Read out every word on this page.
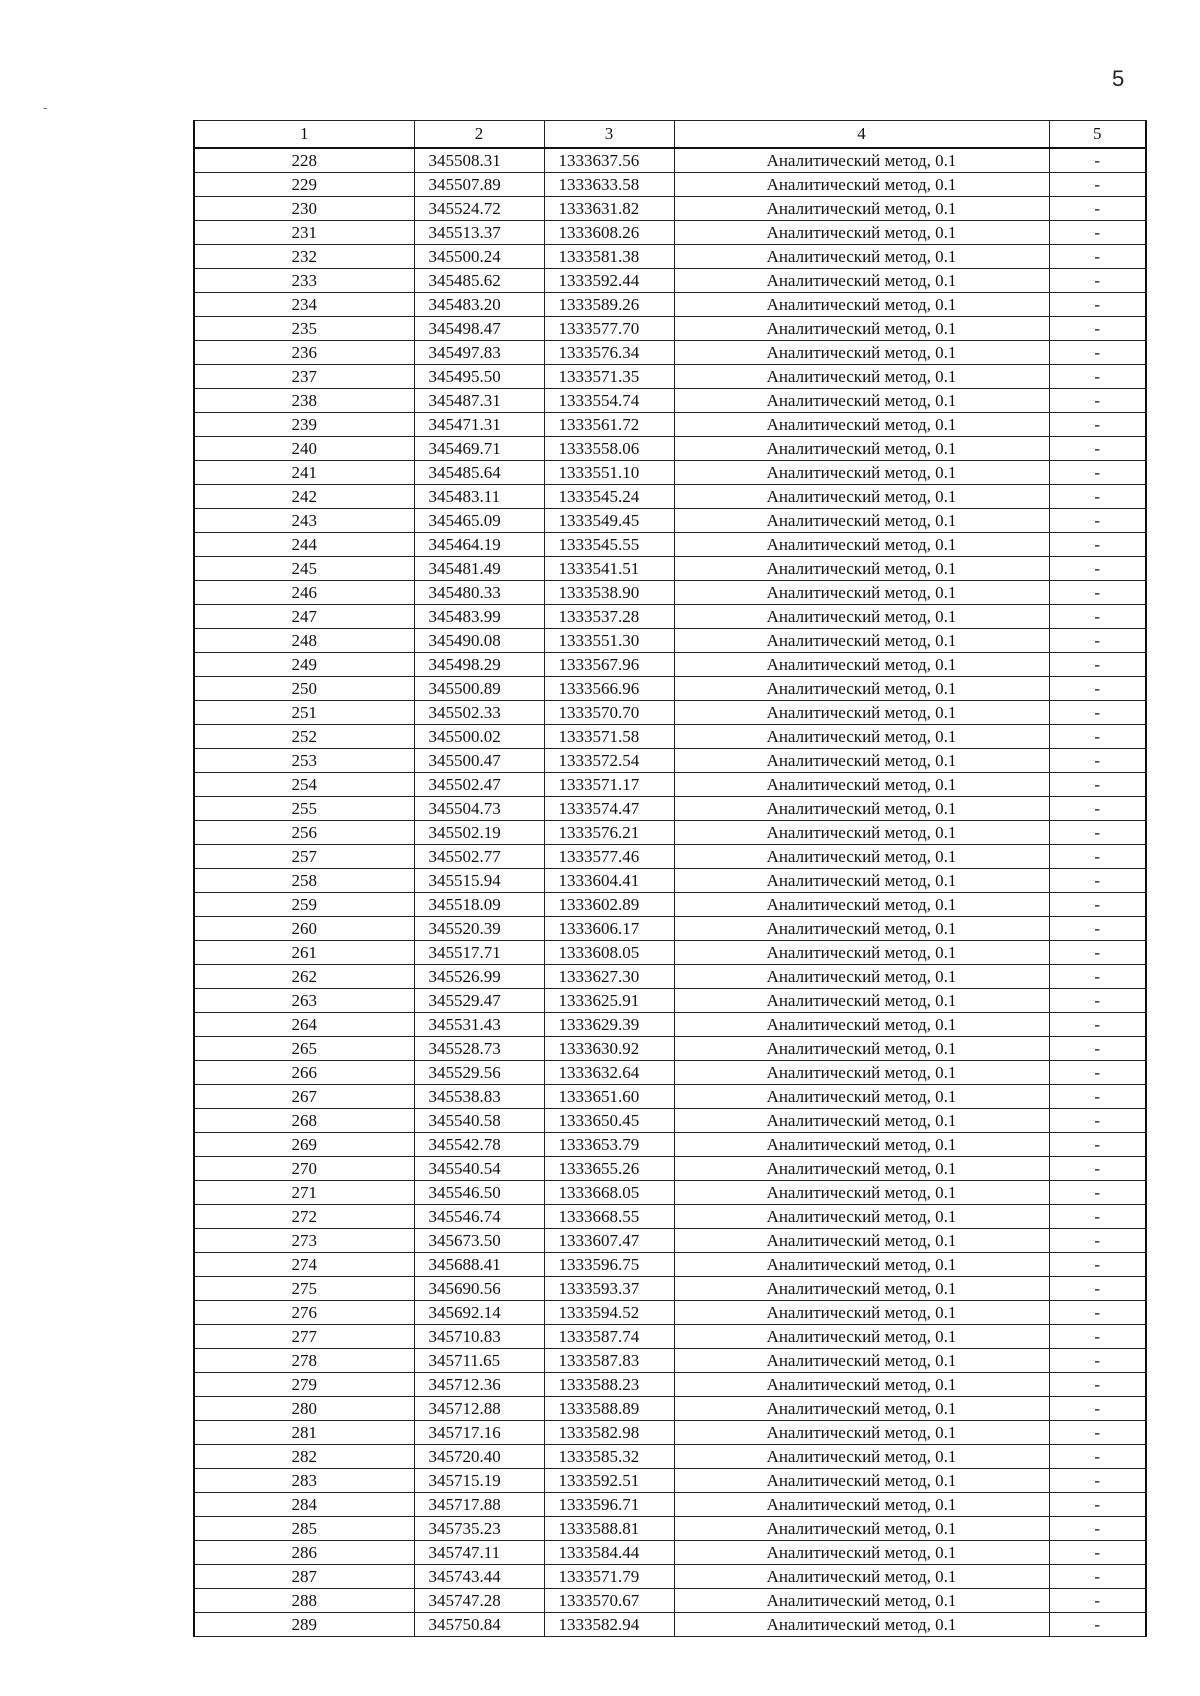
5
1	2	3	4	5
228	345508.31	1333637.56	Аналитический метод, 0.1	-
229	345507.89	1333633.58	Аналитический метод, 0.1	-
230	345524.72	1333631.82	Аналитический метод, 0.1	-
231	345513.37	1333608.26	Аналитический метод, 0.1	-
232	345500.24	1333581.38	Аналитический метод, 0.1	-
233	345485.62	1333592.44	Аналитический метод, 0.1	-
234	345483.20	1333589.26	Аналитический метод, 0.1	-
235	345498.47	1333577.70	Аналитический метод, 0.1	-
236	345497.83	1333576.34	Аналитический метод, 0.1	-
237	345495.50	1333571.35	Аналитический метод, 0.1	-
238	345487.31	1333554.74	Аналитический метод, 0.1	-
239	345471.31	1333561.72	Аналитический метод, 0.1	-
240	345469.71	1333558.06	Аналитический метод, 0.1	-
241	345485.64	1333551.10	Аналитический метод, 0.1	-
242	345483.11	1333545.24	Аналитический метод, 0.1	-
243	345465.09	1333549.45	Аналитический метод, 0.1	-
244	345464.19	1333545.55	Аналитический метод, 0.1	-
245	345481.49	1333541.51	Аналитический метод, 0.1	-
246	345480.33	1333538.90	Аналитический метод, 0.1	-
247	345483.99	1333537.28	Аналитический метод, 0.1	-
248	345490.08	1333551.30	Аналитический метод, 0.1	-
249	345498.29	1333567.96	Аналитический метод, 0.1	-
250	345500.89	1333566.96	Аналитический метод, 0.1	-
251	345502.33	1333570.70	Аналитический метод, 0.1	-
252	345500.02	1333571.58	Аналитический метод, 0.1	-
253	345500.47	1333572.54	Аналитический метод, 0.1	-
254	345502.47	1333571.17	Аналитический метод, 0.1	-
255	345504.73	1333574.47	Аналитический метод, 0.1	-
256	345502.19	1333576.21	Аналитический метод, 0.1	-
257	345502.77	1333577.46	Аналитический метод, 0.1	-
258	345515.94	1333604.41	Аналитический метод, 0.1	-
259	345518.09	1333602.89	Аналитический метод, 0.1	-
260	345520.39	1333606.17	Аналитический метод, 0.1	-
261	345517.71	1333608.05	Аналитический метод, 0.1	-
262	345526.99	1333627.30	Аналитический метод, 0.1	-
263	345529.47	1333625.91	Аналитический метод, 0.1	-
264	345531.43	1333629.39	Аналитический метод, 0.1	-
265	345528.73	1333630.92	Аналитический метод, 0.1	-
266	345529.56	1333632.64	Аналитический метод, 0.1	-
267	345538.83	1333651.60	Аналитический метод, 0.1	-
268	345540.58	1333650.45	Аналитический метод, 0.1	-
269	345542.78	1333653.79	Аналитический метод, 0.1	-
270	345540.54	1333655.26	Аналитический метод, 0.1	-
271	345546.50	1333668.05	Аналитический метод, 0.1	-
272	345546.74	1333668.55	Аналитический метод, 0.1	-
273	345673.50	1333607.47	Аналитический метод, 0.1	-
274	345688.41	1333596.75	Аналитический метод, 0.1	-
275	345690.56	1333593.37	Аналитический метод, 0.1	-
276	345692.14	1333594.52	Аналитический метод, 0.1	-
277	345710.83	1333587.74	Аналитический метод, 0.1	-
278	345711.65	1333587.83	Аналитический метод, 0.1	-
279	345712.36	1333588.23	Аналитический метод, 0.1	-
280	345712.88	1333588.89	Аналитический метод, 0.1	-
281	345717.16	1333582.98	Аналитический метод, 0.1	-
282	345720.40	1333585.32	Аналитический метод, 0.1	-
283	345715.19	1333592.51	Аналитический метод, 0.1	-
284	345717.88	1333596.71	Аналитический метод, 0.1	-
285	345735.23	1333588.81	Аналитический метод, 0.1	-
286	345747.11	1333584.44	Аналитический метод, 0.1	-
287	345743.44	1333571.79	Аналитический метод, 0.1	-
288	345747.28	1333570.67	Аналитический метод, 0.1	-
289	345750.84	1333582.94	Аналитический метод, 0.1	-
